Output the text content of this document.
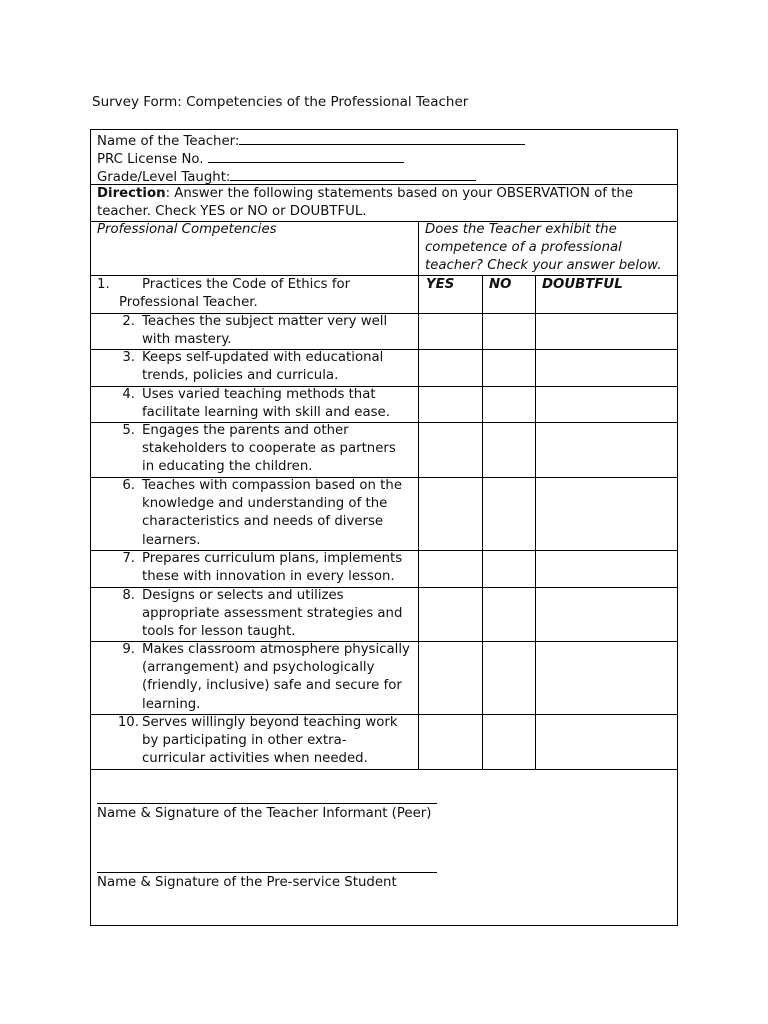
Survey Form: Competencies of the Professional Teacher
Name of the Teacher:
PRC License No.
Grade/Level Taught:
Direction: Answer the following statements based on your OBSERVATION of the
teacher. Check YES or NO or DOUBTFUL.
Professional Competencies	Does the Teacher exhibit the
competence of a professional
teacher? Check your answer below.
YES	NO DOUBTFUL
1. Practices the Code of Ethics for
Professional Teacher.
2. Teaches the subject matter very well
with mastery.
3. Keeps self-updated with educational
trends, policies and curricula.
4. Uses varied teaching methods that
facilitate learning with skill and ease.
5. Engages the parents and other
stakeholders to cooperate as partners
in educating the children.
6. Teaches with compassion based on the
knowledge and understanding of the
characteristics and needs of diverse
learners.
7. Prepares curriculum plans, implements
these with innovation in every lesson.
8. Designs or selects and utilizes
appropriate assessment strategies and
tools for lesson taught.
9. Makes classroom atmosphere physically
(arrangement) and psychologically
(friendly, inclusive) safe and secure for
learning.
10. Serves willingly beyond teaching work
by participating in other extra-
curricular activities when needed.
Name & Signature of the Teacher Informant (Peer)
Name & Signature of the Pre-service Student
